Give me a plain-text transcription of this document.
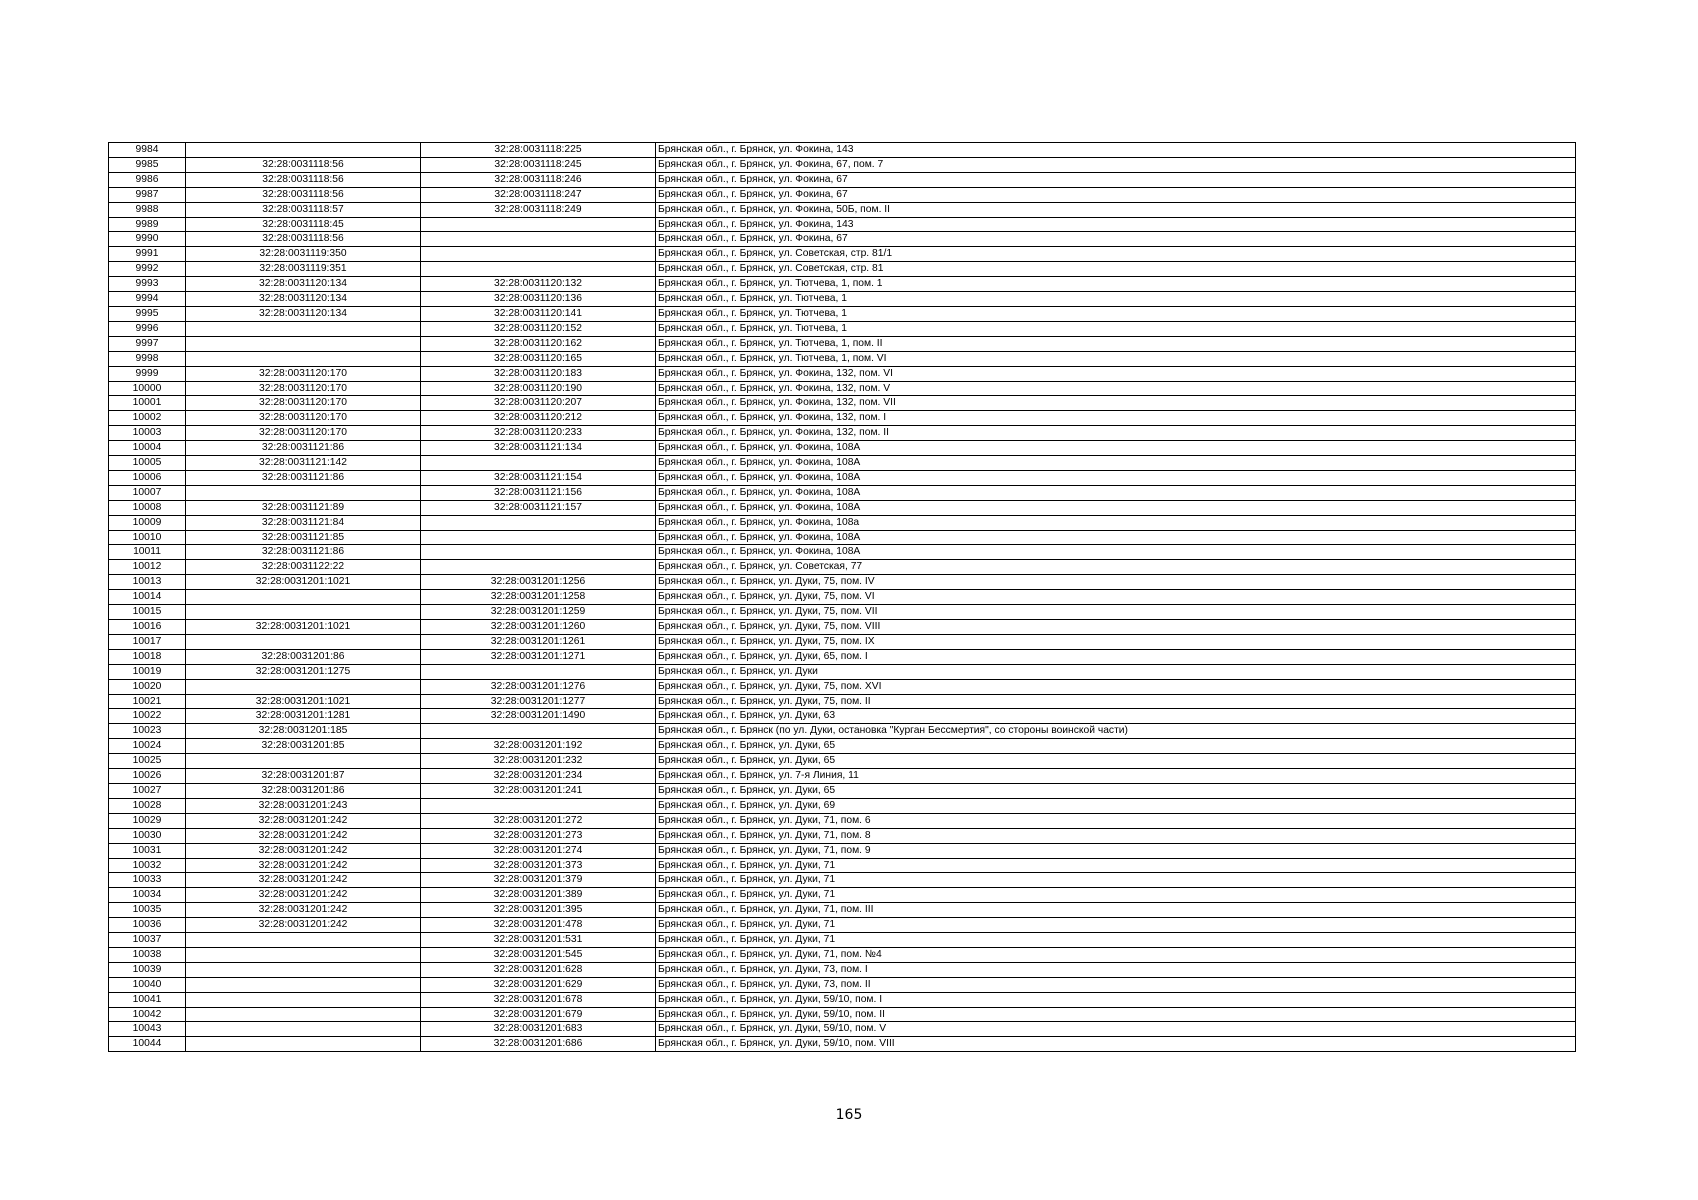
9984		32:28:0031118:225	Брянская обл., г. Брянск, ул. Фокина, 143
9985	32:28:0031118:56	32:28:0031118:245	Брянская обл., г. Брянск, ул. Фокина, 67, пом. 7
9986	32:28:0031118:56	32:28:0031118:246	Брянская обл., г. Брянск, ул. Фокина, 67
9987	32:28:0031118:56	32:28:0031118:247	Брянская обл., г. Брянск, ул. Фокина, 67
9988	32:28:0031118:57	32:28:0031118:249	Брянская обл., г. Брянск, ул. Фокина, 50Б, пом. II
9989	32:28:0031118:45		Брянская обл., г. Брянск, ул. Фокина, 143
9990	32:28:0031118:56		Брянская обл., г. Брянск, ул. Фокина, 67
9991	32:28:0031119:350		Брянская обл., г. Брянск, ул. Советская, стр. 81/1
9992	32:28:0031119:351		Брянская обл., г. Брянск, ул. Советская, стр. 81
9993	32:28:0031120:134	32:28:0031120:132	Брянская обл., г. Брянск, ул. Тютчева, 1, пом. 1
9994	32:28:0031120:134	32:28:0031120:136	Брянская обл., г. Брянск, ул. Тютчева, 1
9995	32:28:0031120:134	32:28:0031120:141	Брянская обл., г. Брянск, ул. Тютчева, 1
9996		32:28:0031120:152	Брянская обл., г. Брянск, ул. Тютчева, 1
9997		32:28:0031120:162	Брянская обл., г. Брянск, ул. Тютчева, 1, пом. II
9998		32:28:0031120:165	Брянская обл., г. Брянск, ул. Тютчева, 1, пом. VI
9999	32:28:0031120:170	32:28:0031120:183	Брянская обл., г. Брянск, ул. Фокина, 132, пом. VI
10000	32:28:0031120:170	32:28:0031120:190	Брянская обл., г. Брянск, ул. Фокина, 132, пом. V
10001	32:28:0031120:170	32:28:0031120:207	Брянская обл., г. Брянск, ул. Фокина, 132, пом. VII
10002	32:28:0031120:170	32:28:0031120:212	Брянская обл., г. Брянск, ул. Фокина, 132, пом. I
10003	32:28:0031120:170	32:28:0031120:233	Брянская обл., г. Брянск, ул. Фокина, 132, пом. II
10004	32:28:0031121:86	32:28:0031121:134	Брянская обл., г. Брянск, ул. Фокина, 108А
10005	32:28:0031121:142		Брянская обл., г. Брянск, ул. Фокина, 108А
10006	32:28:0031121:86	32:28:0031121:154	Брянская обл., г. Брянск, ул. Фокина, 108А
10007		32:28:0031121:156	Брянская обл., г. Брянск, ул. Фокина, 108А
10008	32:28:0031121:89	32:28:0031121:157	Брянская обл., г. Брянск, ул. Фокина, 108А
10009	32:28:0031121:84		Брянская обл., г. Брянск, ул. Фокина, 108а
10010	32:28:0031121:85		Брянская обл., г. Брянск, ул. Фокина, 108А
10011	32:28:0031121:86		Брянская обл., г. Брянск, ул. Фокина, 108А
10012	32:28:0031122:22		Брянская обл., г. Брянск, ул. Советская, 77
10013	32:28:0031201:1021	32:28:0031201:1256	Брянская обл., г. Брянск, ул. Дуки, 75, пом. IV
10014		32:28:0031201:1258	Брянская обл., г. Брянск, ул. Дуки, 75, пом. VI
10015		32:28:0031201:1259	Брянская обл., г. Брянск, ул. Дуки, 75, пом. VII
10016	32:28:0031201:1021	32:28:0031201:1260	Брянская обл., г. Брянск, ул. Дуки, 75, пом. VIII
10017		32:28:0031201:1261	Брянская обл., г. Брянск, ул. Дуки, 75, пом. IX
10018	32:28:0031201:86	32:28:0031201:1271	Брянская обл., г. Брянск, ул. Дуки, 65, пом. I
10019	32:28:0031201:1275		Брянская обл., г. Брянск, ул. Дуки
10020		32:28:0031201:1276	Брянская обл., г. Брянск, ул. Дуки, 75, пом. XVI
10021	32:28:0031201:1021	32:28:0031201:1277	Брянская обл., г. Брянск, ул. Дуки, 75, пом. II
10022	32:28:0031201:1281	32:28:0031201:1490	Брянская обл., г. Брянск, ул. Дуки, 63
10023	32:28:0031201:185		Брянская обл., г. Брянск (по ул. Дуки, остановка "Курган Бессмертия", со стороны воинской части)
10024	32:28:0031201:85	32:28:0031201:192	Брянская обл., г. Брянск, ул. Дуки, 65
10025		32:28:0031201:232	Брянская обл., г. Брянск, ул. Дуки, 65
10026	32:28:0031201:87	32:28:0031201:234	Брянская обл., г. Брянск, ул. 7-я Линия, 11
10027	32:28:0031201:86	32:28:0031201:241	Брянская обл., г. Брянск, ул. Дуки, 65
10028	32:28:0031201:243		Брянская обл., г. Брянск, ул. Дуки, 69
10029	32:28:0031201:242	32:28:0031201:272	Брянская обл., г. Брянск, ул. Дуки, 71, пом. 6
10030	32:28:0031201:242	32:28:0031201:273	Брянская обл., г. Брянск, ул. Дуки, 71, пом. 8
10031	32:28:0031201:242	32:28:0031201:274	Брянская обл., г. Брянск, ул. Дуки, 71, пом. 9
10032	32:28:0031201:242	32:28:0031201:373	Брянская обл., г. Брянск, ул. Дуки, 71
10033	32:28:0031201:242	32:28:0031201:379	Брянская обл., г. Брянск, ул. Дуки, 71
10034	32:28:0031201:242	32:28:0031201:389	Брянская обл., г. Брянск, ул. Дуки, 71
10035	32:28:0031201:242	32:28:0031201:395	Брянская обл., г. Брянск, ул. Дуки, 71, пом. III
10036	32:28:0031201:242	32:28:0031201:478	Брянская обл., г. Брянск, ул. Дуки, 71
10037		32:28:0031201:531	Брянская обл., г. Брянск, ул. Дуки, 71
10038		32:28:0031201:545	Брянская обл., г. Брянск, ул. Дуки, 71, пом. №4
10039		32:28:0031201:628	Брянская обл., г. Брянск, ул. Дуки, 73, пом. I
10040		32:28:0031201:629	Брянская обл., г. Брянск, ул. Дуки, 73, пом. II
10041		32:28:0031201:678	Брянская обл., г. Брянск, ул. Дуки, 59/10, пом. I
10042		32:28:0031201:679	Брянская обл., г. Брянск, ул. Дуки, 59/10, пом. II
10043		32:28:0031201:683	Брянская обл., г. Брянск, ул. Дуки, 59/10, пом. V
10044		32:28:0031201:686	Брянская обл., г. Брянск, ул. Дуки, 59/10, пом. VIII
165
